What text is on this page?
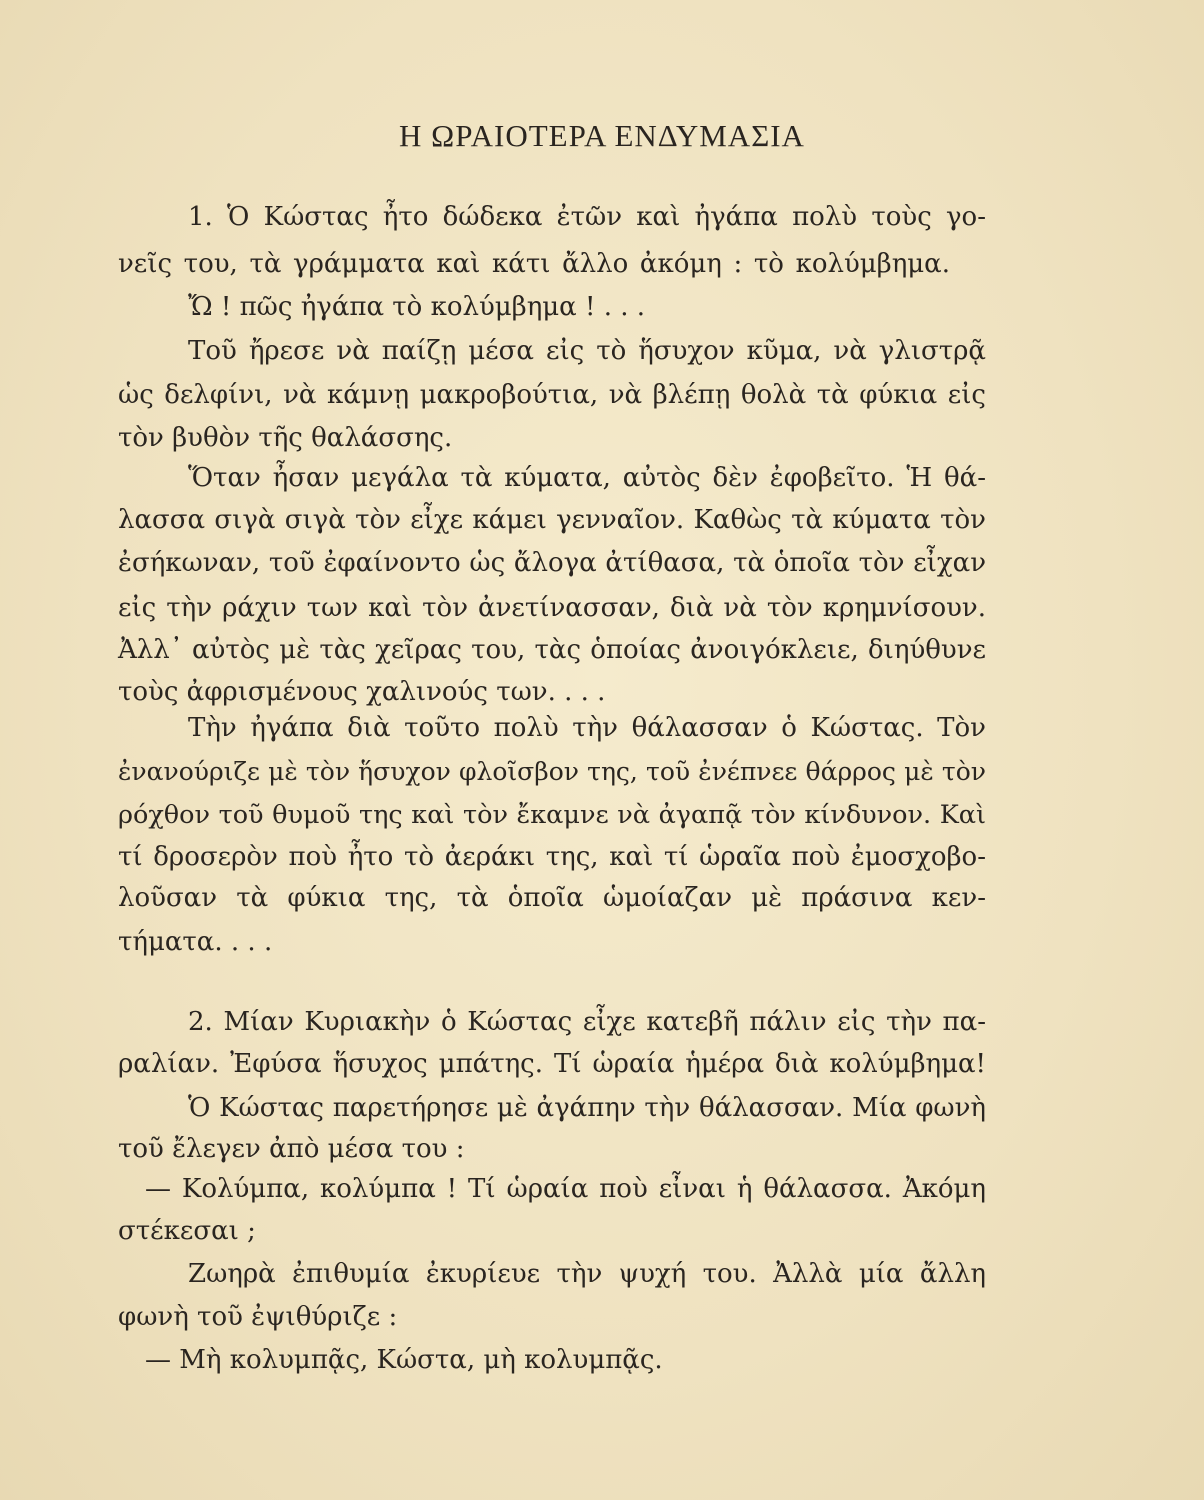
Η ΩΡΑΙΟΤΕΡΑ ΕΝΔΥΜΑΣΙΑ
1. Ὁ Κώστας ἦτο δώδεκα ἐτῶν καὶ ἠγάπα πολὺ τοὺς γο-
νεῖς του, τὰ γράμματα καὶ κάτι ἄλλο ἀκόμη : τὸ κολύμβημα.
Ὤ ! πῶς ἠγάπα τὸ κολύμβημα ! . . .
Τοῦ ἤρεσε νὰ παίζῃ μέσα εἰς τὸ ἥσυχον κῦμα, νὰ γλιστρᾷ
ὡς δελφίνι, νὰ κάμνῃ μακροβούτια, νὰ βλέπῃ θολὰ τὰ φύκια εἰς
τὸν βυθὸν τῆς θαλάσσης.
Ὅταν ἦσαν μεγάλα τὰ κύματα, αὐτὸς δὲν ἐφοβεῖτο. Ἡ θά-
λασσα σιγὰ σιγὰ τὸν εἶχε κάμει γενναῖον. Καθὼς τὰ κύματα τὸν
ἐσήκωναν, τοῦ ἐφαίνοντο ὡς ἄλογα ἀτίθασα, τὰ ὁποῖα τὸν εἶχαν
εἰς τὴν ράχιν των καὶ τὸν ἀνετίνασσαν, διὰ νὰ τὸν κρημνίσουν.
Ἀλλ᾽ αὐτὸς μὲ τὰς χεῖρας του, τὰς ὁποίας ἀνοιγόκλειε, διηύθυνε
τοὺς ἀφρισμένους χαλινούς των. . . .
Τὴν ἠγάπα διὰ τοῦτο πολὺ τὴν θάλασσαν ὁ Κώστας. Τὸν
ἐνανούριζε μὲ τὸν ἥσυχον φλοῖσβον της, τοῦ ἐνέπνεε θάρρος μὲ τὸν
ρόχθον τοῦ θυμοῦ της καὶ τὸν ἔκαμνε νὰ ἀγαπᾷ τὸν κίνδυνον. Καὶ
τί δροσερὸν ποὺ ἦτο τὸ ἀεράκι της, καὶ τί ὡραῖα ποὺ ἐμοσχοβο-
λοῦσαν τὰ φύκια της, τὰ ὁποῖα ὡμοίαζαν μὲ πράσινα κεν-
τήματα. . . .
2. Μίαν Κυριακὴν ὁ Κώστας εἶχε κατεβῆ πάλιν εἰς τὴν πα-
ραλίαν. Ἐφύσα ἥσυχος μπάτης. Τί ὡραία ἡμέρα διὰ κολύμβημα!
Ὁ Κώστας παρετήρησε μὲ ἀγάπην τὴν θάλασσαν. Μία φωνὴ
τοῦ ἔλεγεν ἀπὸ μέσα του :
— Κολύμπα, κολύμπα ! Τί ὡραία ποὺ εἶναι ἡ θάλασσα. Ἀκόμη
στέκεσαι ;
Ζωηρὰ ἐπιθυμία ἐκυρίευε τὴν ψυχή του. Ἀλλὰ μία ἄλλη
φωνὴ τοῦ ἐψιθύριζε :
— Μὴ κολυμπᾷς, Κώστα, μὴ κολυμπᾷς.
